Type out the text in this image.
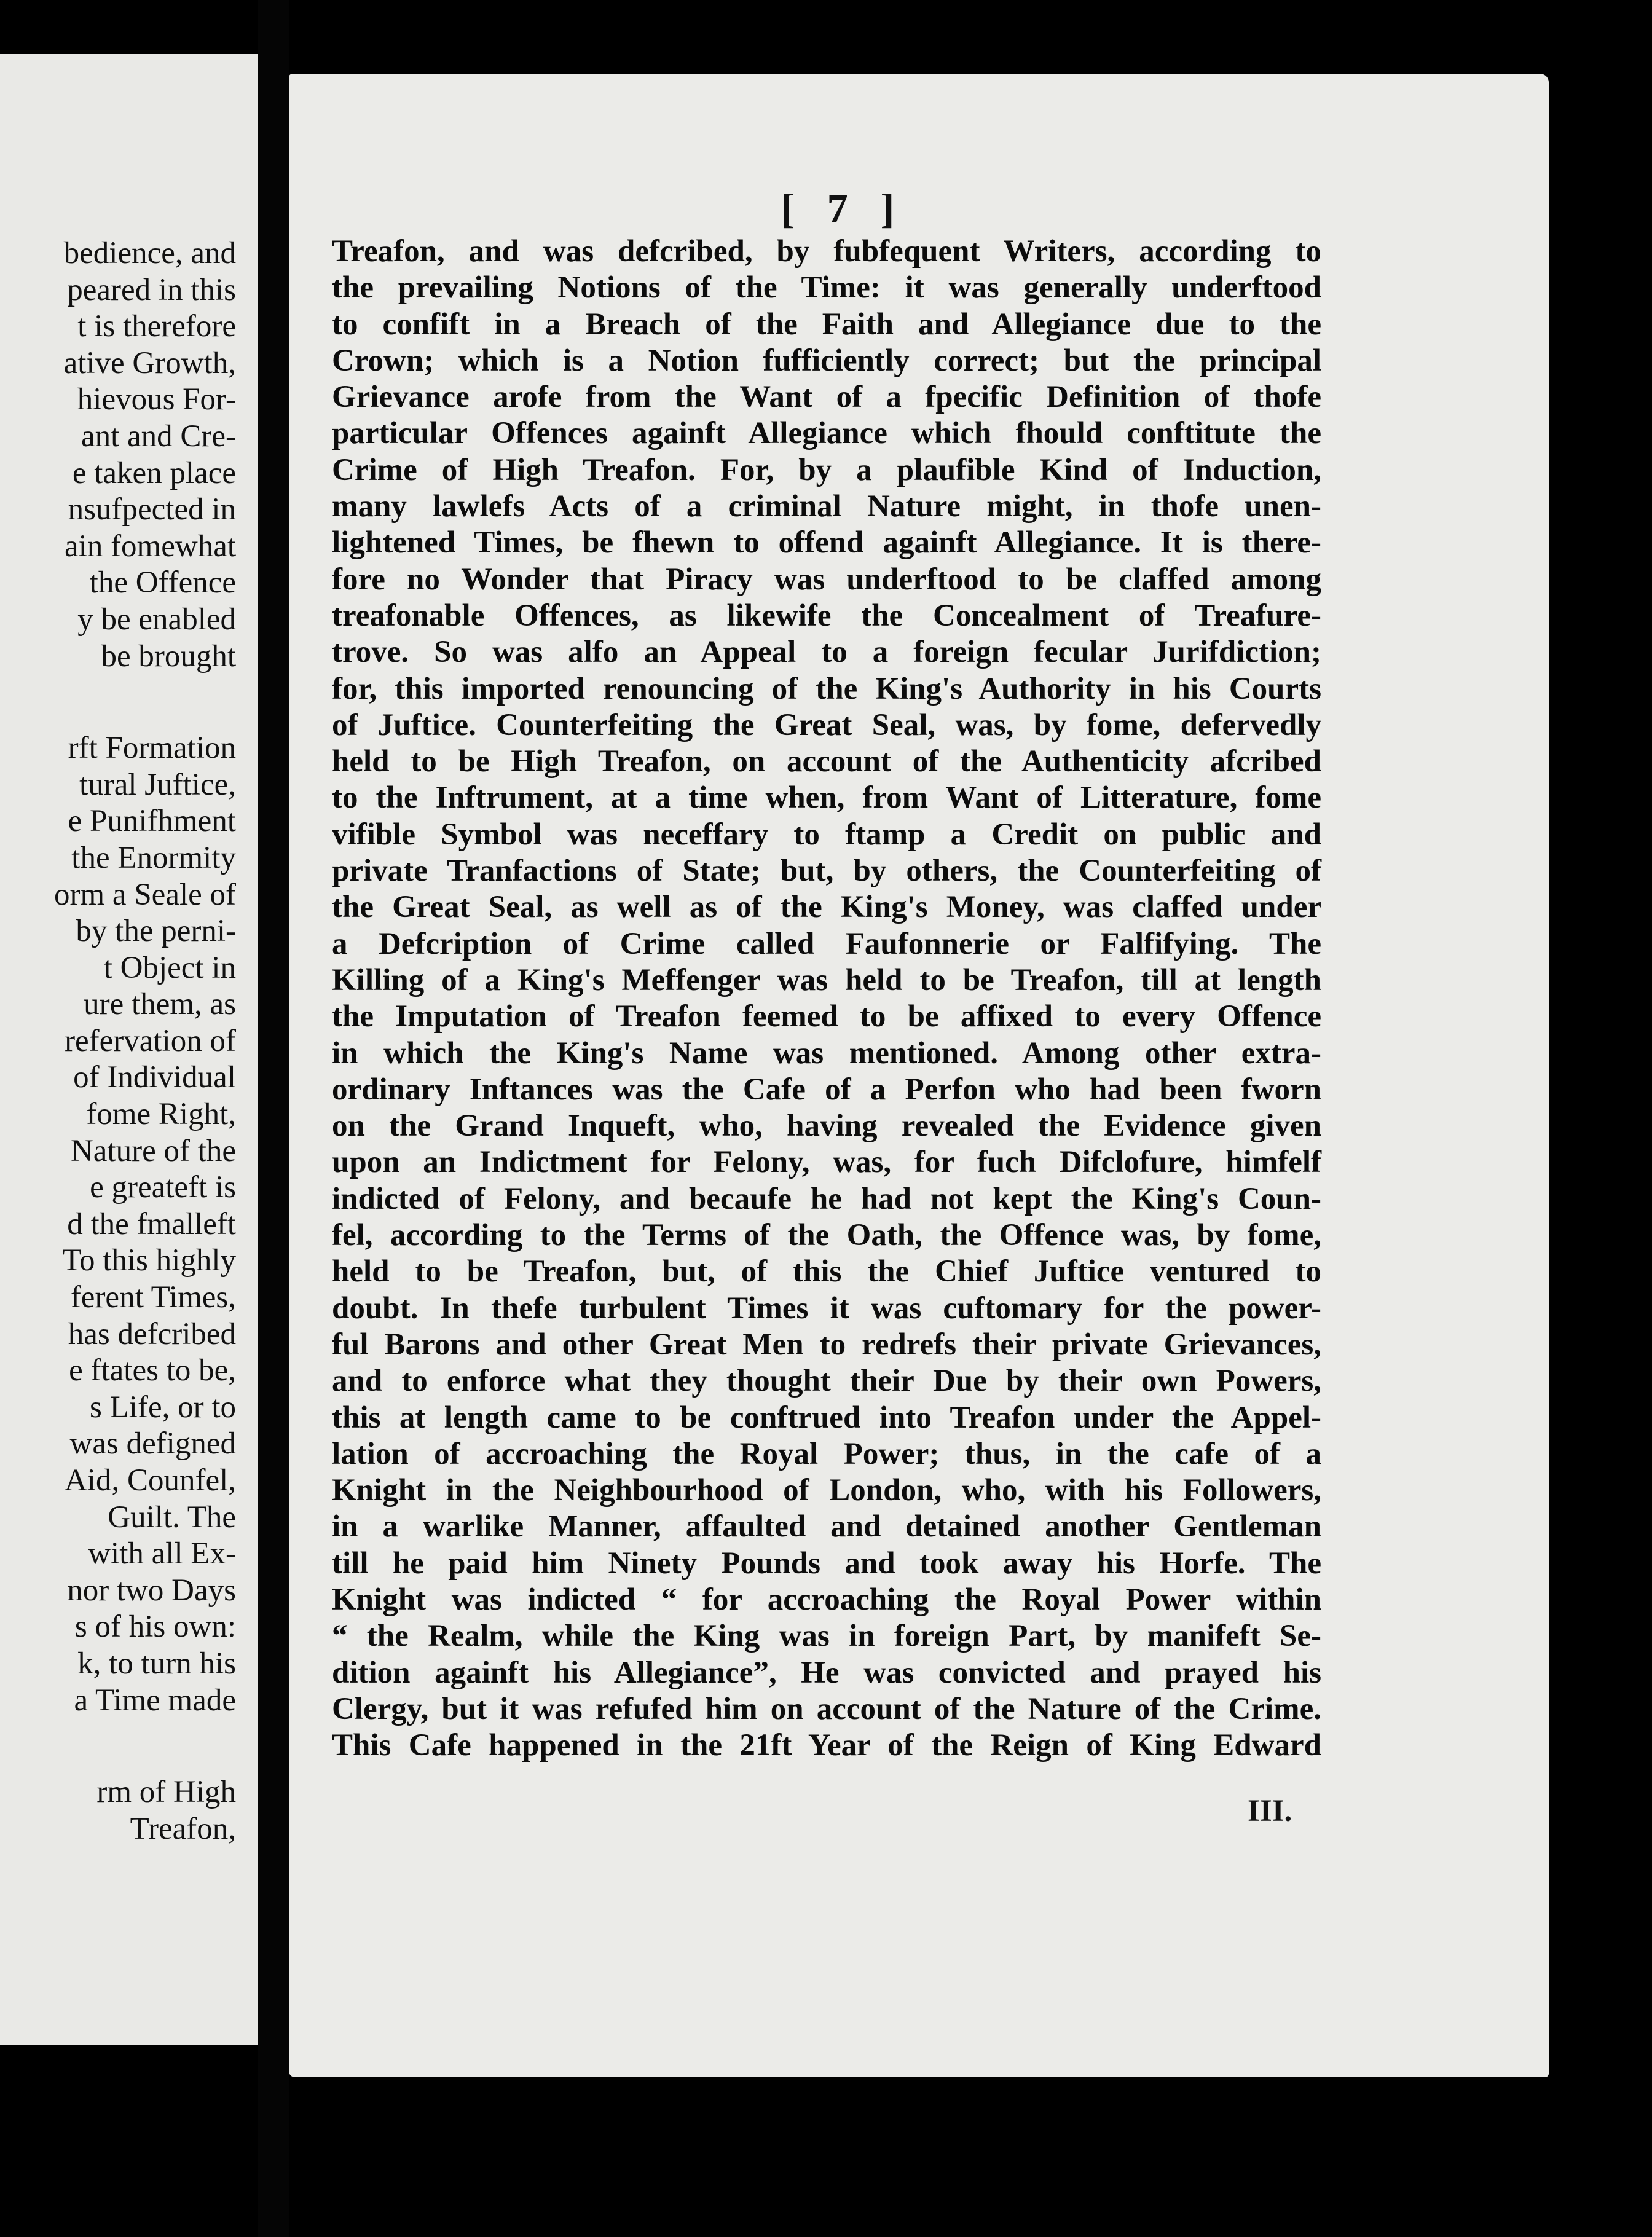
bedience, and
peared in this
t is therefore
ative Growth,
hievous For-
ant and Cre-
e taken place
nsufpected in
ain fomewhat
the Offence
y be enabled
be brought
rft Formation
tural Juftice,
e Punifhment
the Enormity
orm a Seale of
by the perni-
t Object in
ure them, as
refervation of
of Individual
fome Right,
Nature of the
e greateft is
d the fmalleft
To this highly
ferent Times,
has defcribed
e ftates to be,
s Life, or to
was defigned
Aid, Counfel,
Guilt. The
with all Ex-
nor two Days
s of his own:
k, to turn his
a Time made
rm of High
Treafon,
[ 7 ]
Treafon, and was defcribed, by fubfequent Writers, according to
the prevailing Notions of the Time: it was generally underftood
to confift in a Breach of the Faith and Allegiance due to the
Crown; which is a Notion fufficiently correct; but the principal
Grievance arofe from the Want of a fpecific Definition of thofe
particular Offences againft Allegiance which fhould conftitute the
Crime of High Treafon. For, by a plaufible Kind of Induction,
many lawlefs Acts of a criminal Nature might, in thofe unen-
lightened Times, be fhewn to offend againft Allegiance. It is there-
fore no Wonder that Piracy was underftood to be claffed among
treafonable Offences, as likewife the Concealment of Treafure-
trove. So was alfo an Appeal to a foreign fecular Jurifdiction;
for, this imported renouncing of the King's Authority in his Courts
of Juftice. Counterfeiting the Great Seal, was, by fome, defervedly
held to be High Treafon, on account of the Authenticity afcribed
to the Inftrument, at a time when, from Want of Litterature, fome
vifible Symbol was neceffary to ftamp a Credit on public and
private Tranfactions of State; but, by others, the Counterfeiting of
the Great Seal, as well as of the King's Money, was claffed under
a Defcription of Crime called Faufonnerie or Falfifying. The
Killing of a King's Meffenger was held to be Treafon, till at length
the Imputation of Treafon feemed to be affixed to every Offence
in which the King's Name was mentioned. Among other extra-
ordinary Inftances was the Cafe of a Perfon who had been fworn
on the Grand Inqueft, who, having revealed the Evidence given
upon an Indictment for Felony, was, for fuch Difclofure, himfelf
indicted of Felony, and becaufe he had not kept the King's Coun-
fel, according to the Terms of the Oath, the Offence was, by fome,
held to be Treafon, but, of this the Chief Juftice ventured to
doubt. In thefe turbulent Times it was cuftomary for the power-
ful Barons and other Great Men to redrefs their private Grievances,
and to enforce what they thought their Due by their own Powers,
this at length came to be conftrued into Treafon under the Appel-
lation of accroaching the Royal Power; thus, in the cafe of a
Knight in the Neighbourhood of London, who, with his Followers,
in a warlike Manner, affaulted and detained another Gentleman
till he paid him Ninety Pounds and took away his Horfe. The
Knight was indicted “ for accroaching the Royal Power within
“ the Realm, while the King was in foreign Part, by manifeft Se-
dition againft his Allegiance”, He was convicted and prayed his
Clergy, but it was refufed him on account of the Nature of the Crime.
This Cafe happened in the 21ft Year of the Reign of King Edward
III.
